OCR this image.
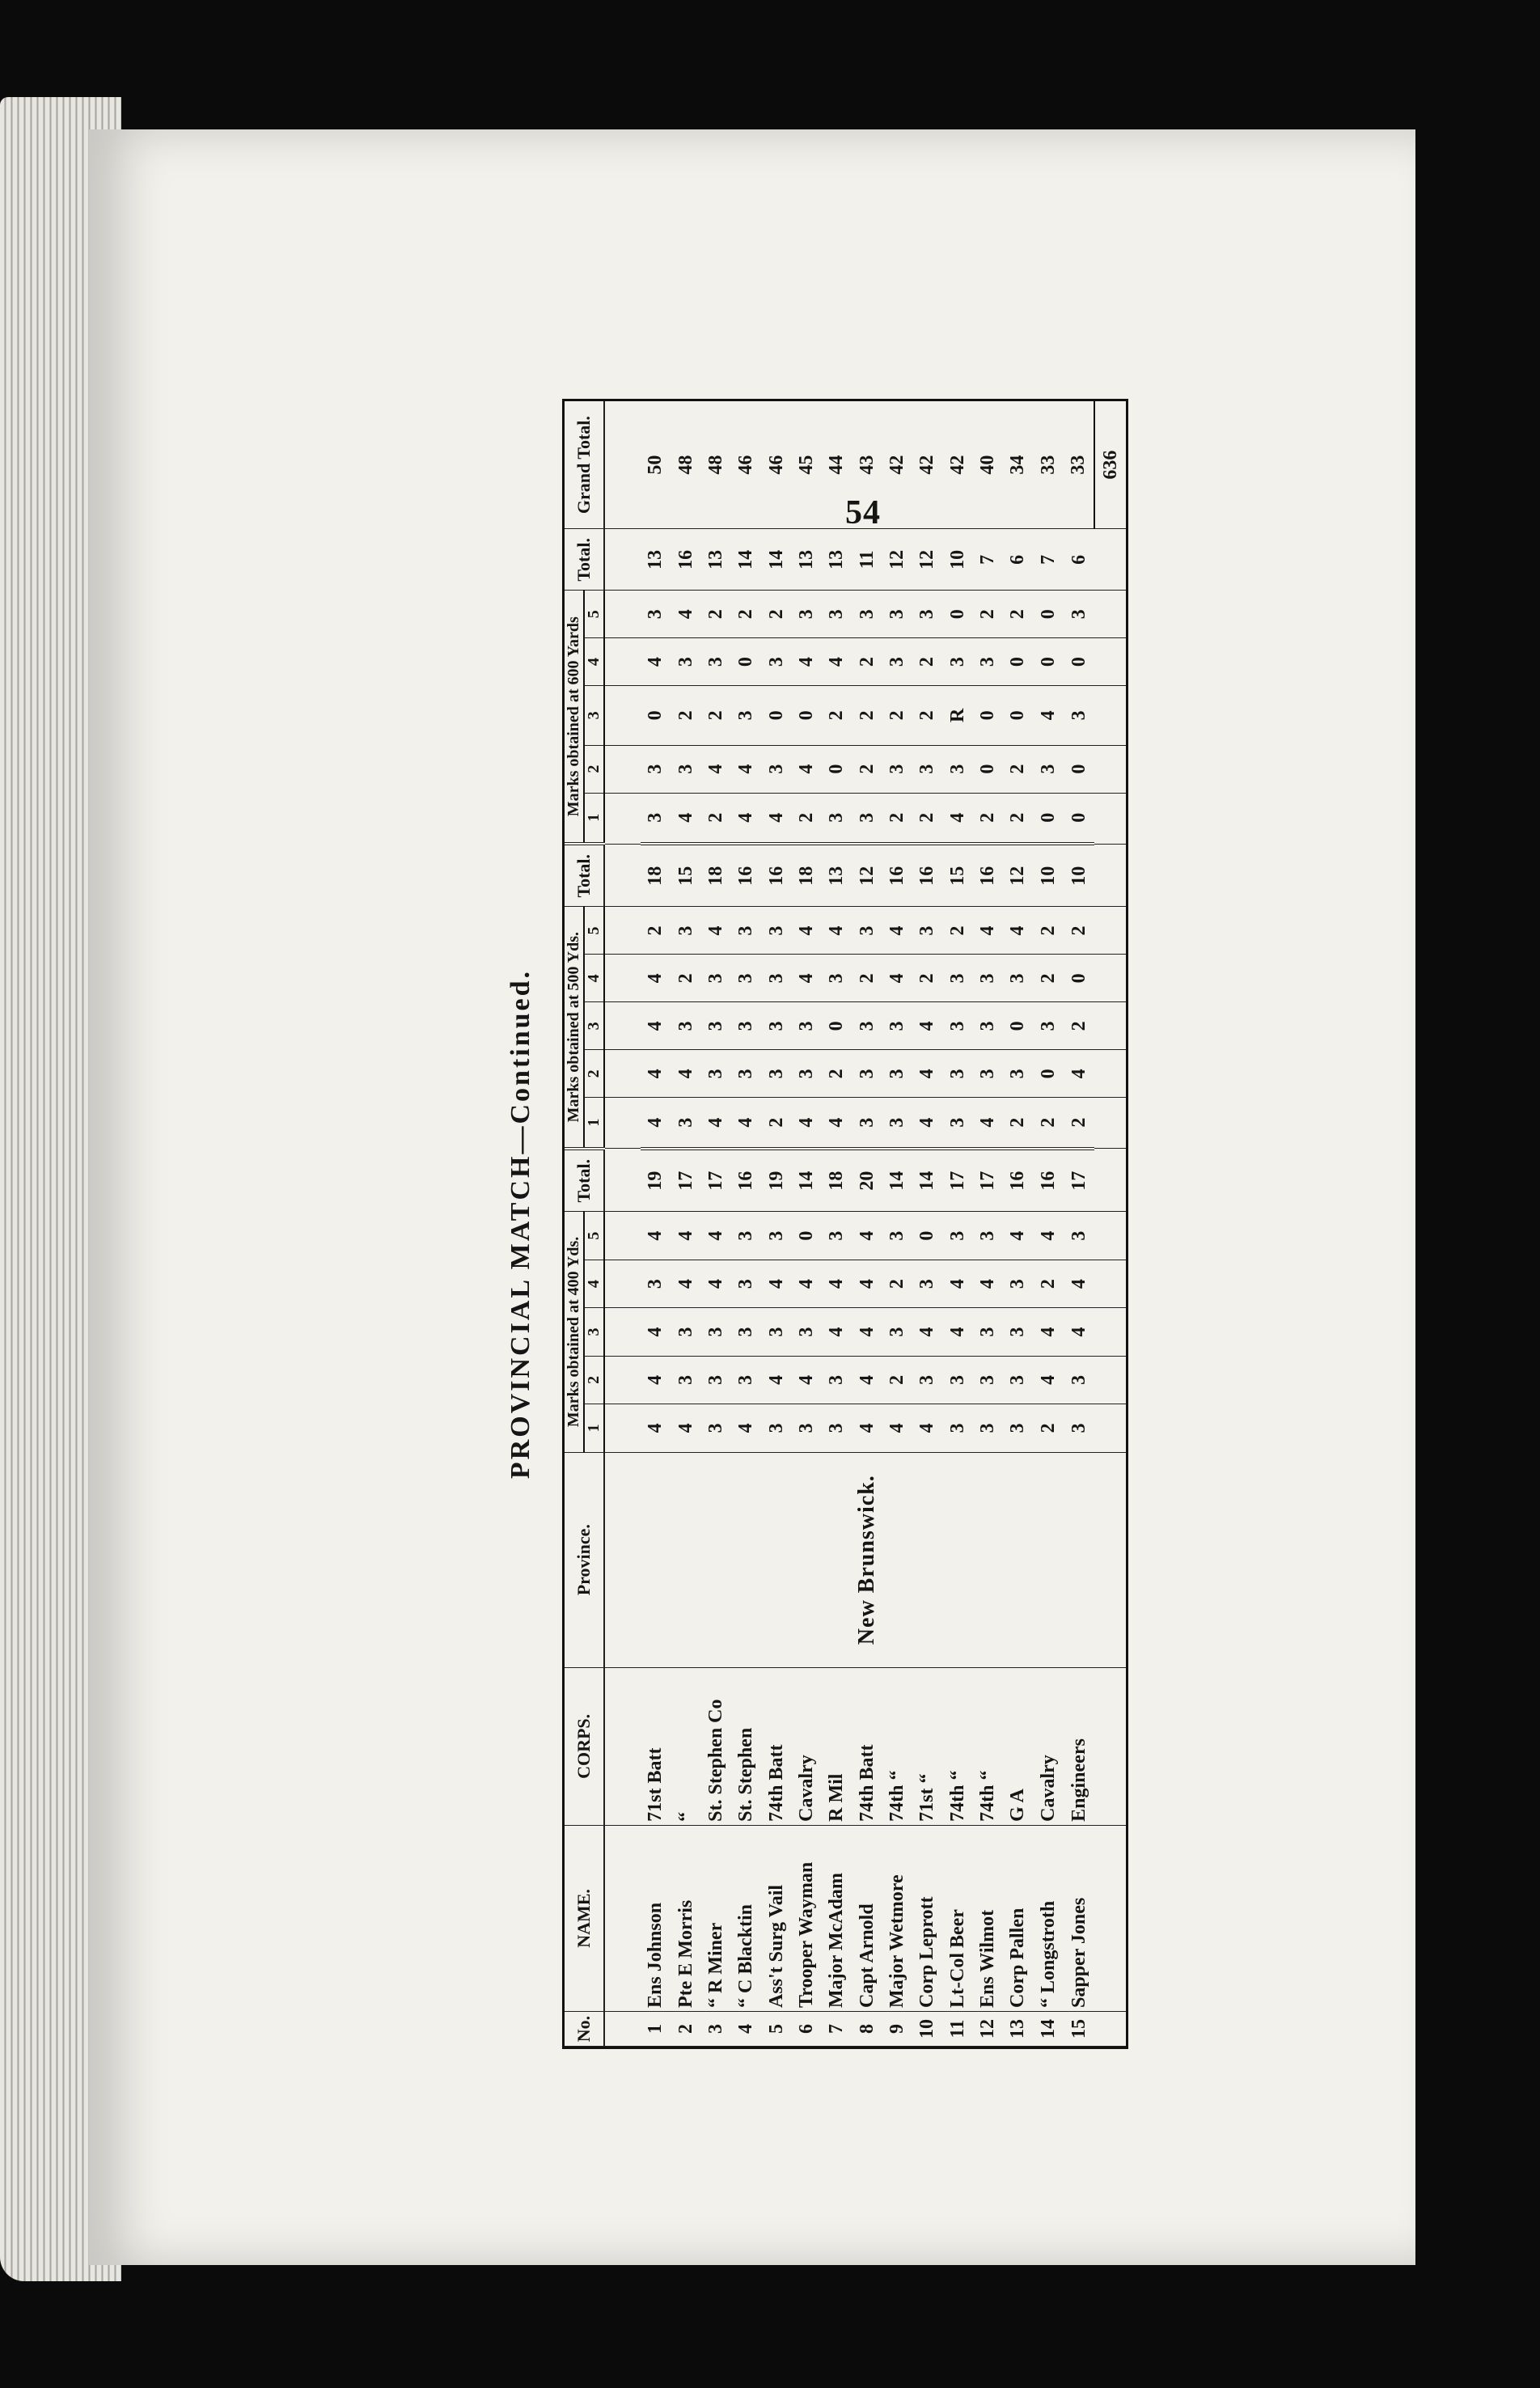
54
PROVINCIAL MATCH—Continued.
No.	NAME.	CORPS.	Province.	Marks obtained at 400 Yds.					Total.	Marks obtained at 500 Yds.					Total.	Marks obtained at 600 Yards					Total.	Grand Total.
				1	2	3	4	5		1	2	3	4	5		1	2	3	4	5		

1	Ens Johnson	71st Batt	New Brunswick.	4	4	4	3	4	19	4	4	4	4	2	18	3	3	0	4	3	13	50
2	Pte E Morris	“		4	3	3	4	4	17	3	4	3	2	3	15	4	3	2	3	4	16	48
3	“ R Miner	St. Stephen Co		3	3	3	4	4	17	4	3	3	3	4	18	2	4	2	3	2	13	48
4	“ C Blacktin	St. Stephen		4	3	3	3	3	16	4	3	3	3	3	16	4	4	3	0	2	14	46
5	Ass't Surg Vail	74th Batt		3	4	3	4	3	19	2	3	3	3	3	16	4	3	0	3	2	14	46
6	Trooper Wayman	Cavalry		3	4	3	4	0	14	4	3	3	4	4	18	2	4	0	4	3	13	45
7	Major McAdam	R Mil		3	3	4	4	3	18	4	2	0	3	4	13	3	0	2	4	3	13	44
8	Capt Arnold	74th Batt		4	4	4	4	4	20	3	3	3	2	3	12	3	2	2	2	3	11	43
9	Major Wetmore	74th “		4	2	3	2	3	14	3	3	3	4	4	16	2	3	2	3	3	12	42
10	Corp Leprott	71st “		4	3	4	3	0	14	4	4	4	2	3	16	2	3	2	2	3	12	42
11	Lt-Col Beer	74th “		3	3	4	4	3	17	3	3	3	3	2	15	4	3	R	3	0	10	42
12	Ens Wilmot	74th “		3	3	3	4	3	17	4	3	3	3	4	16	2	0	0	3	2	7	40
13	Corp Pallen	G A		3	3	3	3	4	16	2	3	0	3	4	12	2	2	0	0	2	6	34
14	“ Longstroth	Cavalry		2	4	4	2	4	16	2	0	3	2	2	10	0	3	4	0	0	7	33
15	Sapper Jones	Engineers		3	3	4	4	3	17	2	4	2	0	2	10	0	0	3	0	3	6	33
																						636
